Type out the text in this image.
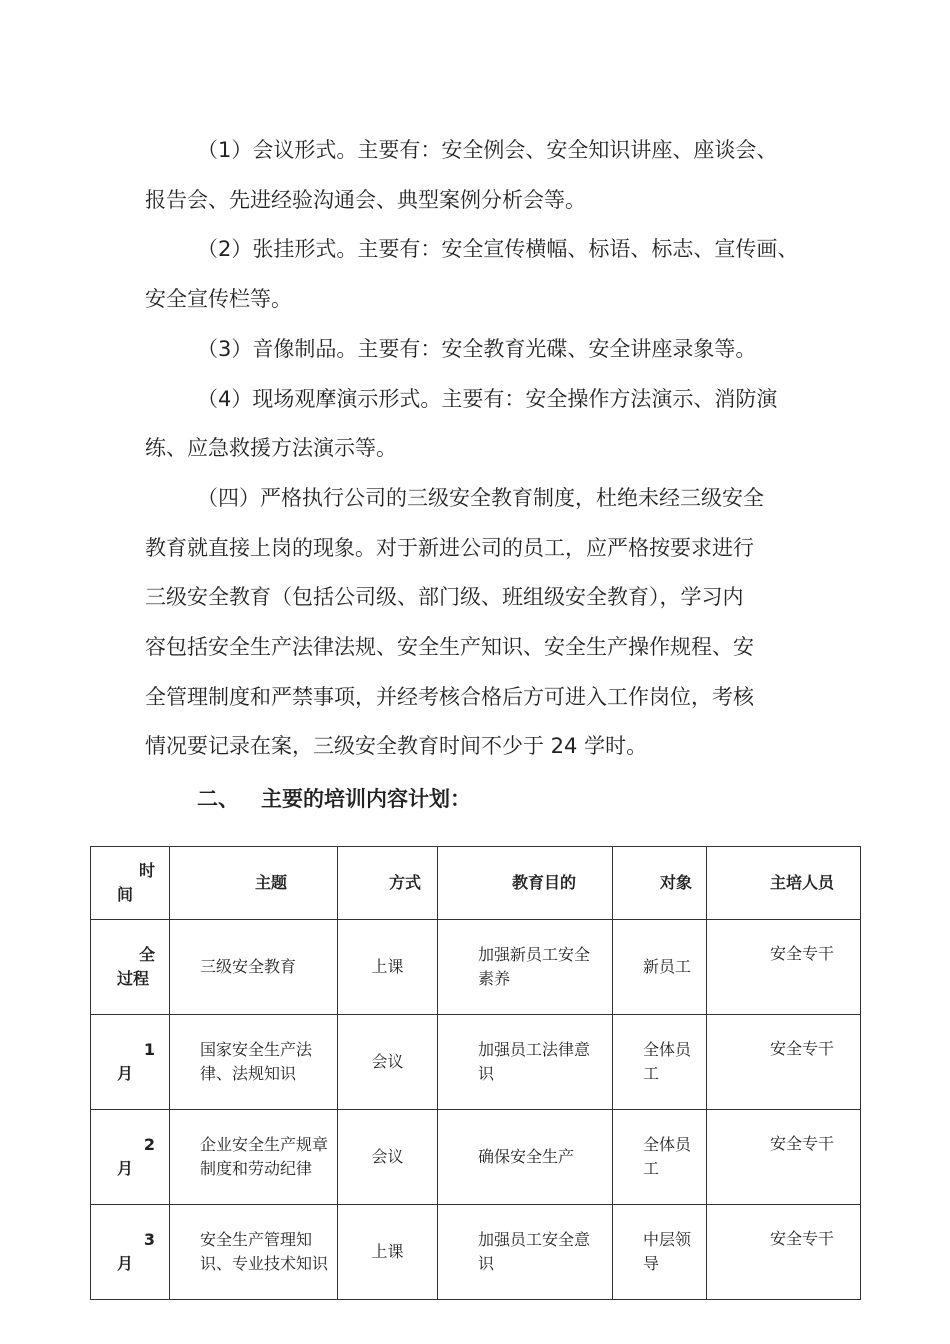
（1）会议形式。主要有：安全例会、安全知识讲座、座谈会、
报告会、先进经验沟通会、典型案例分析会等。
（2）张挂形式。主要有：安全宣传横幅、标语、标志、宣传画、
安全宣传栏等。
（3）音像制品。主要有：安全教育光碟、安全讲座录象等。
（4）现场观摩演示形式。主要有：安全操作方法演示、消防演
练、应急救援方法演示等。
（四）严格执行公司的三级安全教育制度，杜绝未经三级安全
教育就直接上岗的现象。对于新进公司的员工，应严格按要求进行
三级安全教育（包括公司级、部门级、班组级安全教育），学习内
容包括安全生产法律法规、安全生产知识、安全生产操作规程、安
全管理制度和严禁事项，并经考核合格后方可进入工作岗位，考核
情况要记录在案，三级安全教育时间不少于 24 学时。
二、 主要的培训内容计划：
时
间	主题	方式	教育目的	对象	主培人员

全
过程	三级安全教育	上课	加强新员工安全素养	新员工	安全专干

1
月	国家安全生产法律、法规知识	会议	加强员工法律意识	全体员工	安全专干

2
月	企业安全生产规章制度和劳动纪律	会议	确保安全生产	全体员工	安全专干

3
月	安全生产管理知识、专业技术知识	上课	加强员工安全意识	中层领导	安全专干
